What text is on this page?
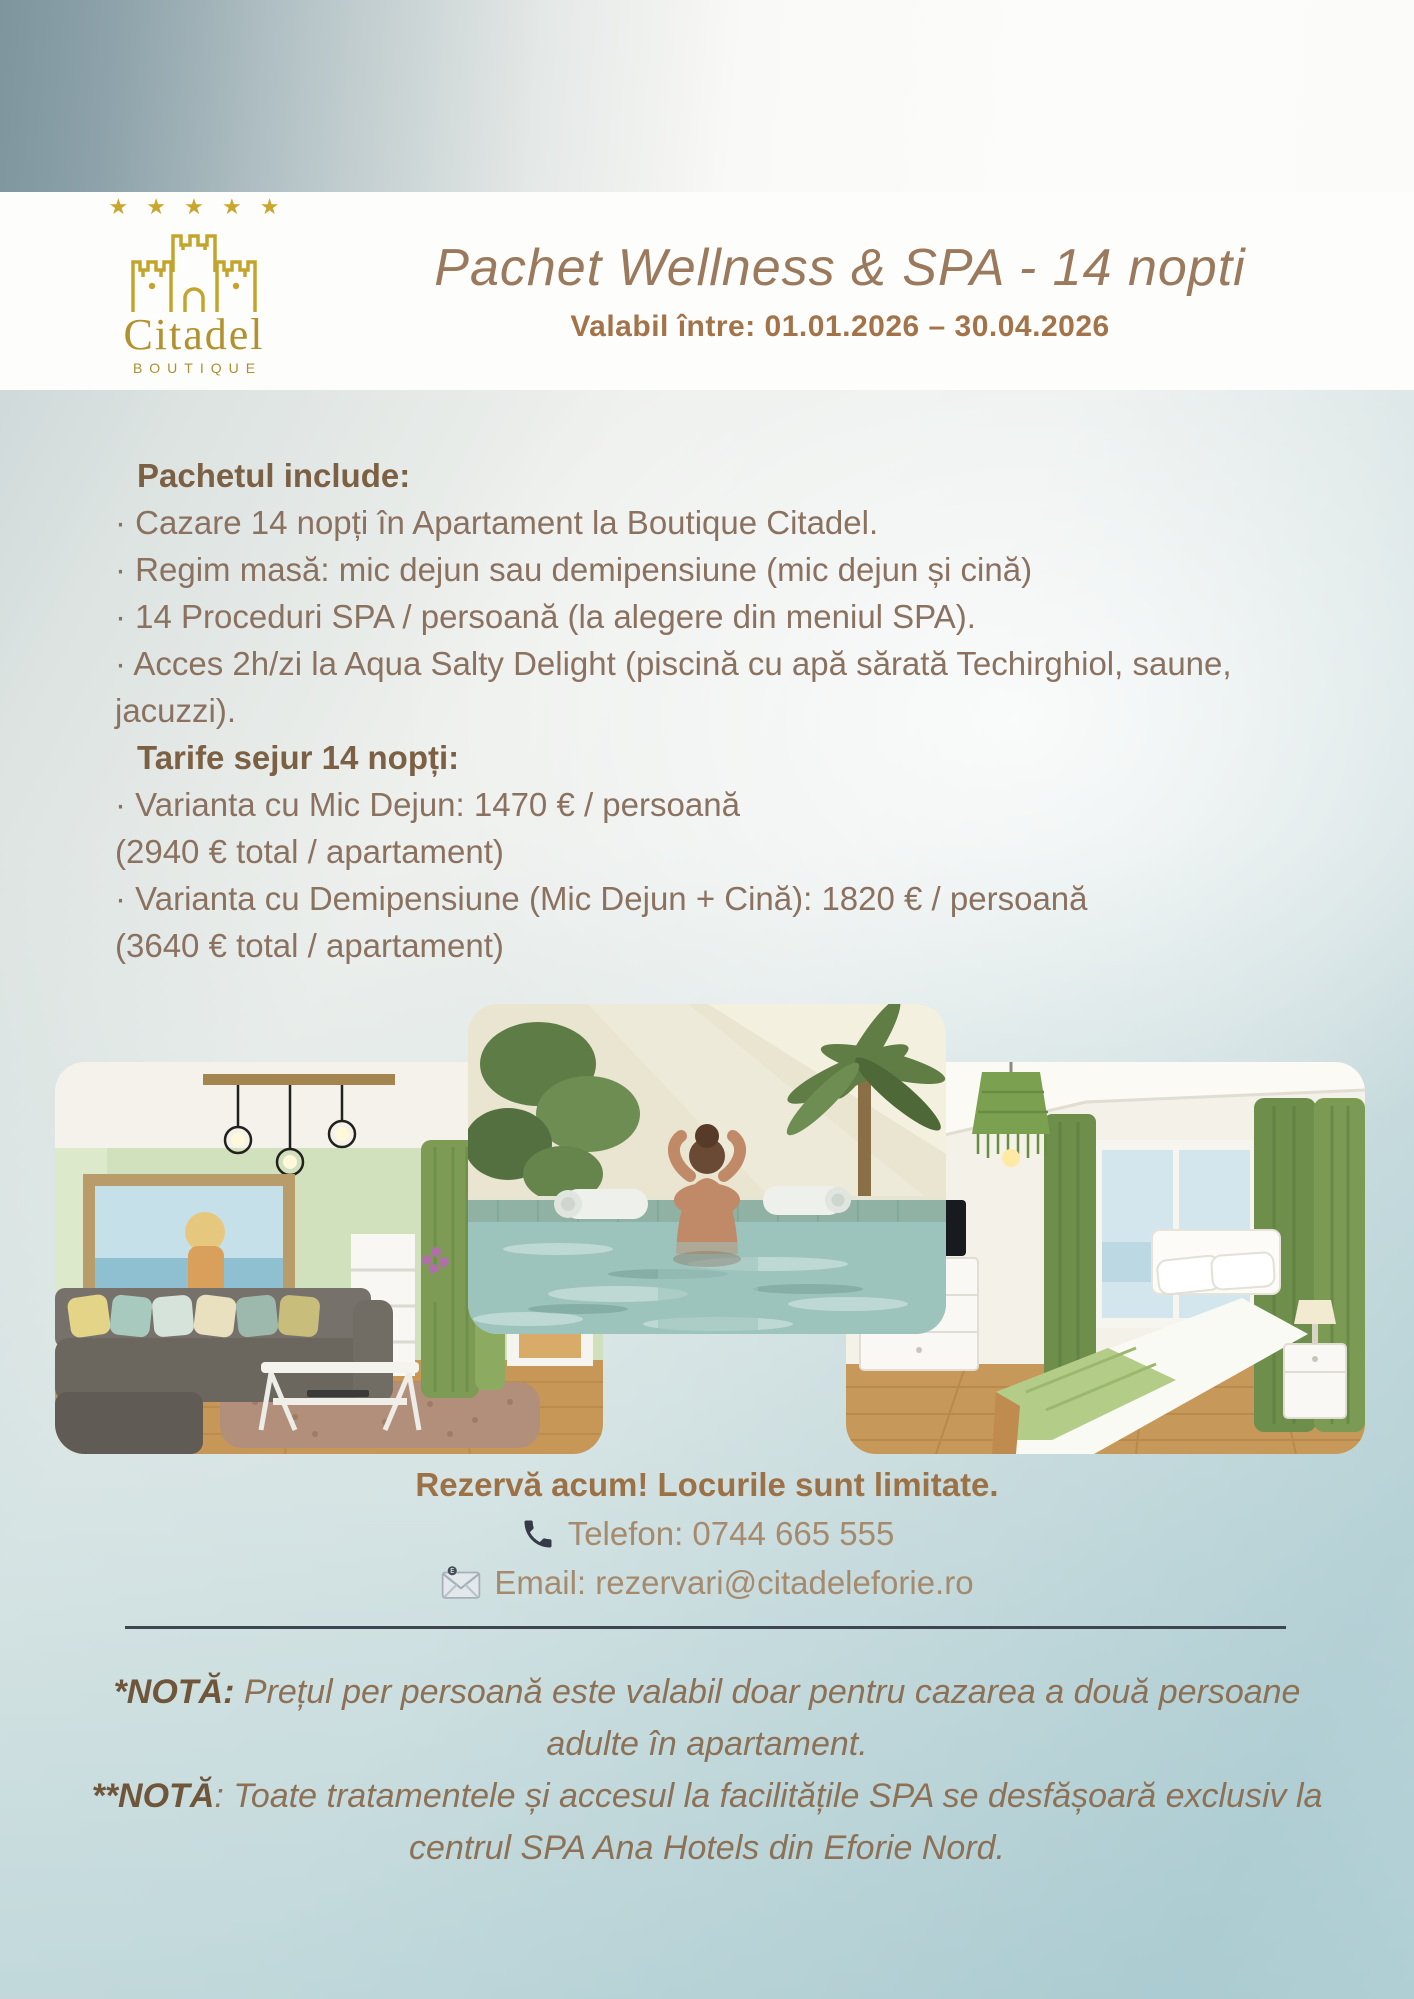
★ ★ ★ ★ ★
Citadel
BOUTIQUE
Pachet Wellness & SPA - 14 nopti
Valabil între: 01.01.2026 – 30.04.2026
Pachetul include:
· Cazare 14 nopți în Apartament la Boutique Citadel.
· Regim masă: mic dejun sau demipensiune (mic dejun și cină)
· 14 Proceduri SPA / persoană (la alegere din meniul SPA).
· Acces 2h/zi la Aqua Salty Delight (piscină cu apă sărată Techirghiol, saune, jacuzzi).
Tarife sejur 14 nopți:
· Varianta cu Mic Dejun: 1470 € / persoană
(2940 € total / apartament)
· Varianta cu Demipensiune (Mic Dejun + Cină): 1820 € / persoană
(3640 € total / apartament)
Rezervă acum! Locurile sunt limitate.
Telefon: 0744 665 555
E Email: rezervari@citadeleforie.ro

*NOTĂ: Prețul per persoană este valabil doar pentru cazarea a două persoane adulte în apartament.

**NOTĂ: Toate tratamentele și accesul la facilitățile SPA se desfășoară exclusiv la centrul SPA Ana Hotels din Eforie Nord.
